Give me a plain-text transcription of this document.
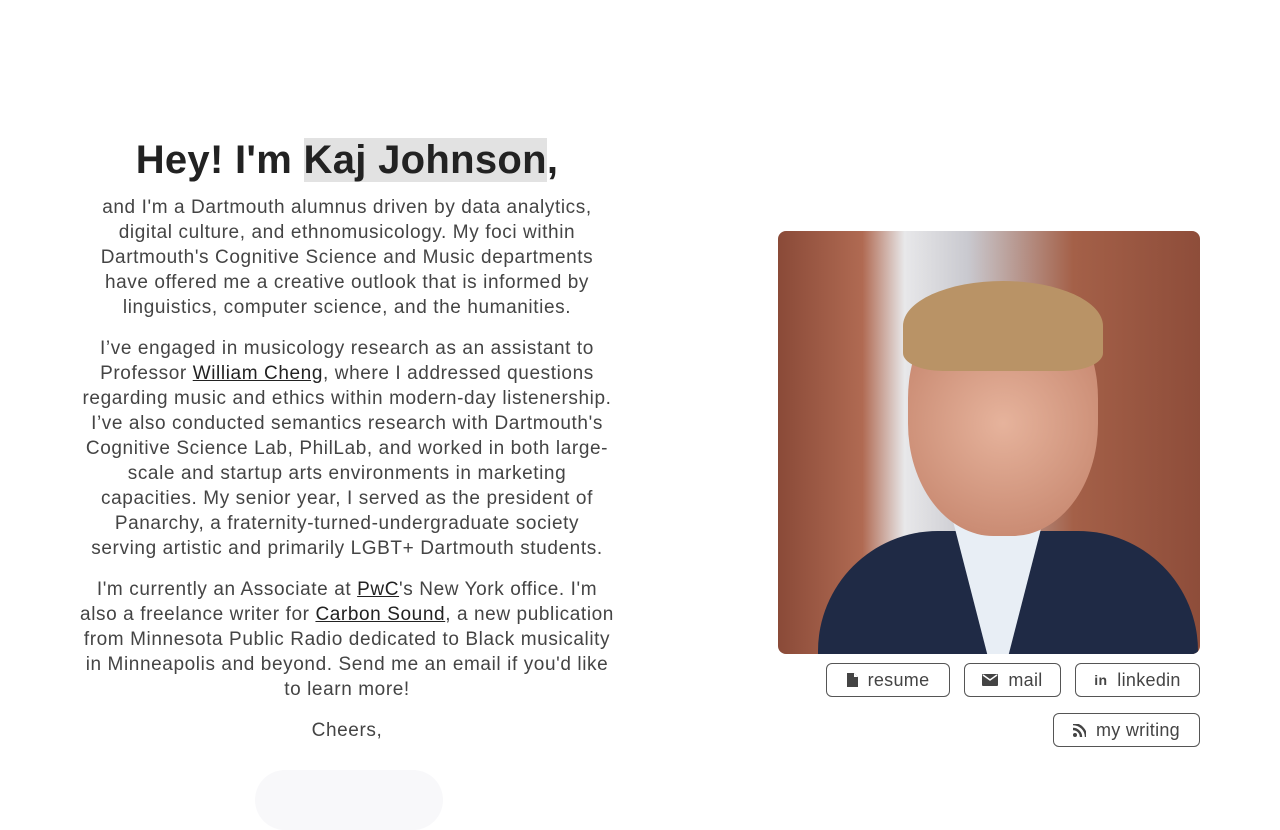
Hey! I'm Kaj Johnson,

and I'm a Dartmouth alumnus driven by data analytics, digital culture, and ethnomusicology. My foci within Dartmouth's Cognitive Science and Music departments have offered me a creative outlook that is informed by linguistics, computer science, and the humanities.

I’ve engaged in musicology research as an assistant to Professor William Cheng, where I addressed questions regarding music and ethics within modern-day listenership. I’ve also conducted semantics research with Dartmouth's Cognitive Science Lab, PhilLab, and worked in both large-scale and startup arts environments in marketing capacities. My senior year, I served as the president of Panarchy, a fraternity-turned-undergraduate society serving artistic and primarily LGBT+ Dartmouth students.

I'm currently an Associate at PwC's New York office. I'm also a freelance writer for Carbon Sound, a new publication from Minnesota Public Radio dedicated to Black musicality in Minneapolis and beyond. Send me an email if you'd like to learn more!

Cheers,

resume	mail	in linkedin
my writing
